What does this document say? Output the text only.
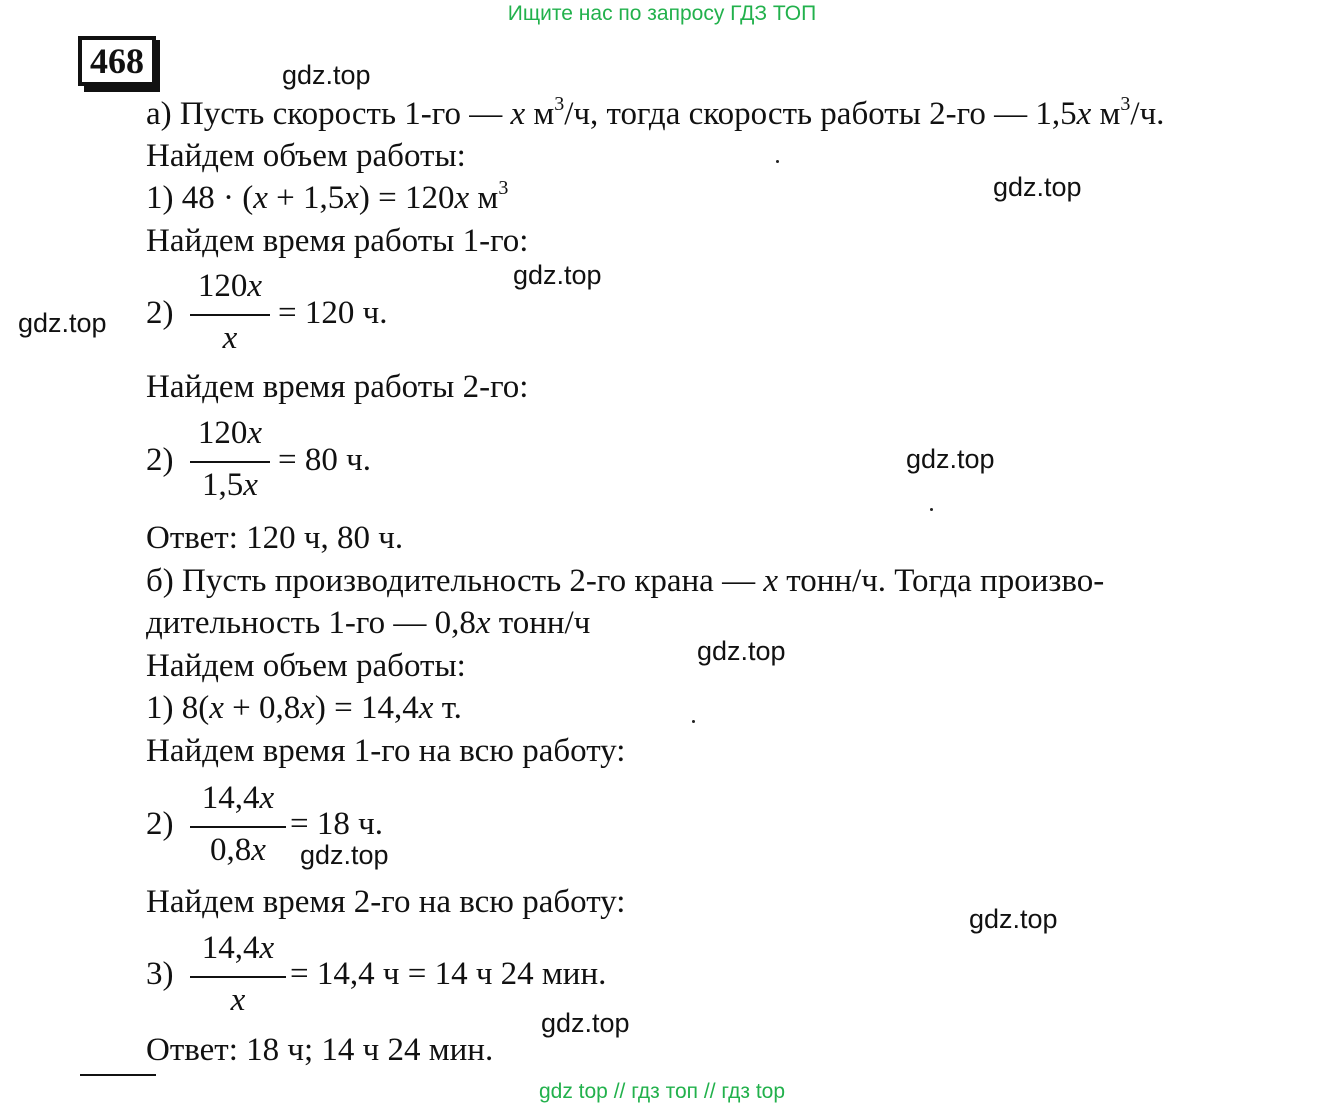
Ищите нас по запросу ГДЗ ТОП
468	gdz.top
gdz.top
gdz.top
gdz.top
gdz.top
gdz.top
gdz.top
gdz.top
gdz.top
а) Пусть скорость 1-го — x $м^3/ч$, тогда скорость работы 2-го — 1,5x $м^3/ч$.
Найдем объем работы:
1) 48 · (x + 1,5x) = 120x $м^3$
Найдем время работы 1-го:
2)
120x
x
= 120 ч.
Найдем время работы 2-го:
2)
120x
1,5x
= 80 ч.
Ответ: 120 ч, 80 ч.
б) Пусть производительность 2-го крана — x тонн/ч. Тогда произво-
дительность 1-го — 0,8x тонн/ч
Найдем объем работы:
1) 8(x + 0,8x) = 14,4x т.
Найдем время 1-го на всю работу:
2)
14,4x
0,8x
= 18 ч.
Найдем время 2-го на всю работу:
3)
14,4x
x
= 14,4 ч = 14 ч 24 мин.
Ответ: 18 ч; 14 ч 24 мин.
gdz top // гдз топ // гдз top
